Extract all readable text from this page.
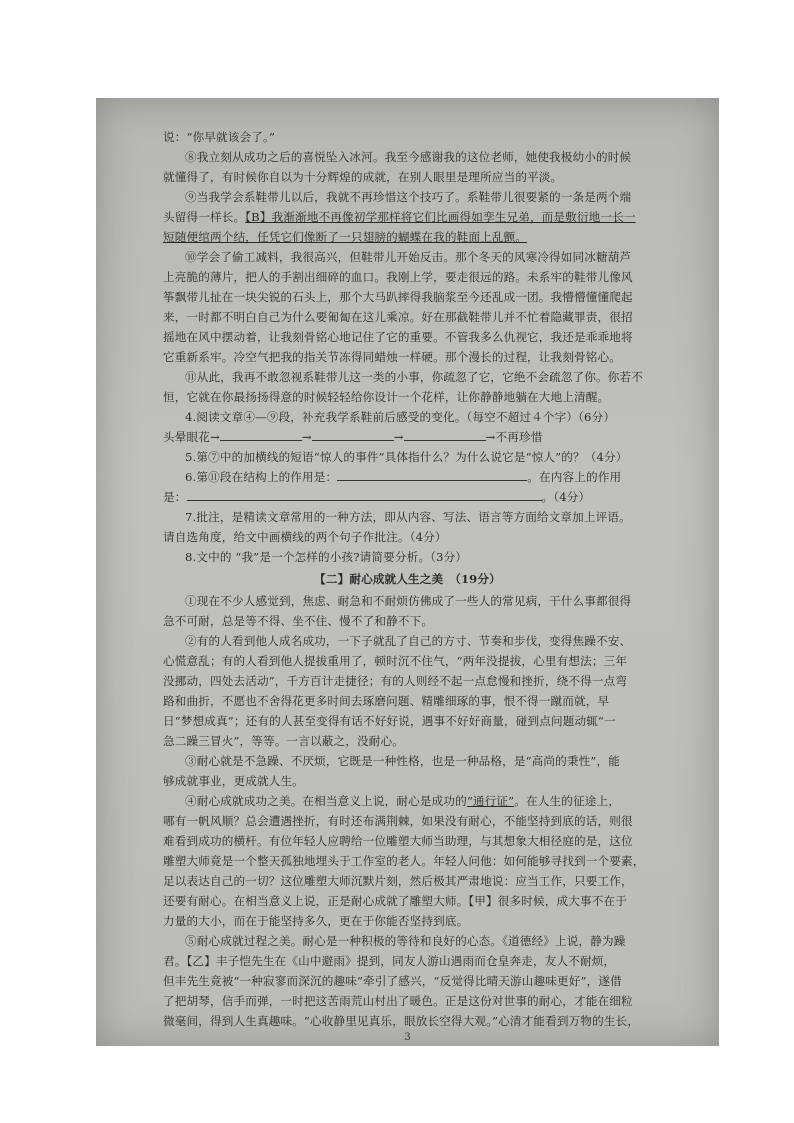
说：“你早就该会了。”
⑧我立刻从成功之后的喜悦坠入冰河。我至今感谢我的这位老师，她使我极幼小的时候
就懂得了，有时候你自以为十分辉煌的成就，在别人眼里是理所应当的平淡。
⑨当我学会系鞋带儿以后，我就不再珍惜这个技巧了。系鞋带儿很要紧的一条是两个端
头留得一样长。【B】我渐渐地不再像初学那样将它们比画得如孪生兄弟，而是敷衍地一长一
短随便绾两个结，任凭它们像断了一只翅膀的蝴蝶在我的鞋面上乱颤。
⑩学会了偷工减料，我很高兴，但鞋带儿开始反击。那个冬天的风寒冷得如同冰糖葫芦
上亮脆的薄片，把人的手割出细碎的血口。我刚上学，要走很远的路。未系牢的鞋带儿像风
筝飘带儿扯在一块尖锐的石头上，那个大马趴摔得我脑浆至今还乱成一团。我懵懵懂懂爬起
来，一时都不明白自己为什么要匍匐在这儿乘凉。好在那截鞋带儿并不忙着隐藏罪责，很招
摇地在风中摆动着，让我刻骨铭心地记住了它的重要。不管我多么仇视它，我还是乖乖地将
它重新系牢。冷空气把我的指关节冻得同蜡烛一样硬。那个漫长的过程，让我刻骨铭心。
⑪从此，我再不敢忽视系鞋带儿这一类的小事，你疏忽了它，它绝不会疏忽了你。你若不
恒，它就在你最扬扬得意的时候轻轻给你设计一个花样，让你静静地躺在大地上清醒。
4.阅读文章④—⑨段，补充我学系鞋前后感受的变化。（每空不超过４个字）（6分）
头晕眼花→	→	→	→不再珍惜
5.第⑦中的加横线的短语“惊人的事件”具体指什么？为什么说它是“惊人”的？（4分）
6.第⑪段在结构上的作用是：	。在内容上的作用
是：	。（4分）
7.批注，是精读文章常用的一种方法，即从内容、写法、语言等方面给文章加上评语。
请自选角度，给文中画横线的两个句子作批注。（4分）
8.文中的 “我”是一个怎样的小孩?请简要分析。（3分）
【二】耐心成就人生之美　（19分）
①现在不少人感觉到，焦虑、耐急和不耐烦仿佛成了一些人的常见病，干什么事都很得
急不可耐，总是等不得、坐不住、慢不了和静不下。
②有的人看到他人成名成功，一下子就乱了自己的方寸、节奏和步伐，变得焦躁不安、
心慌意乱；有的人看到他人提拔重用了，顿时沉不住气，“两年没提拔，心里有想法；三年
没挪动，四处去活动”，千方百计走捷径；有的人则经不起一点怠慢和挫折，绕不得一点弯
路和曲折，不愿也不舍得花更多时间去琢磨问题、精雕细琢的事，恨不得一蹴而就，早
日“梦想成真”；还有的人甚至变得有话不好好说，遇事不好好商量，碰到点问题动辄“一
急二躁三冒火”，等等。一言以蔽之，没耐心。
③耐心就是不急躁、不厌烦，它既是一种性格，也是一种品格，是“高尚的秉性”，能
够成就事业，更成就人生。
④耐心成就成功之美。在相当意义上说，耐心是成功的“通行证”。在人生的征途上，
哪有一帆风顺？总会遭遇挫折，有时还布满荆棘，如果没有耐心，不能坚持到底的话，则很
难看到成功的横杆。有位年轻人应聘给一位雕塑大师当助理，与其想象大相径庭的是，这位
雕塑大师竟是一个整天孤独地埋头于工作室的老人。年轻人问他：如何能够寻找到一个要素，
足以表达自己的一切？这位雕塑大师沉默片刻，然后极其严肃地说：应当工作，只要工作，
还要有耐心。在相当意义上说，正是耐心成就了雕塑大师。【甲】很多时候，成大事不在于
力量的大小，而在于能坚持多久，更在于你能否坚持到底。
⑤耐心成就过程之美。耐心是一种积极的等待和良好的心态。《道德经》上说，静为躁
君。【乙】丰子恺先生在《山中避雨》提到，同友人游山遇雨而仓皇奔走，友人不耐烦，
但丰先生竟被“一种寂寥而深沉的趣味”牵引了感兴，“反觉得比晴天游山趣味更好”，遂借
了把胡琴，信手而弹，一时把这苦雨荒山村出了暖色。正是这份对世事的耐心，才能在细粒
微毫间，得到人生真趣味。“心收静里见真乐，眼放长空得大观。”心清才能看到万物的生长，
3
